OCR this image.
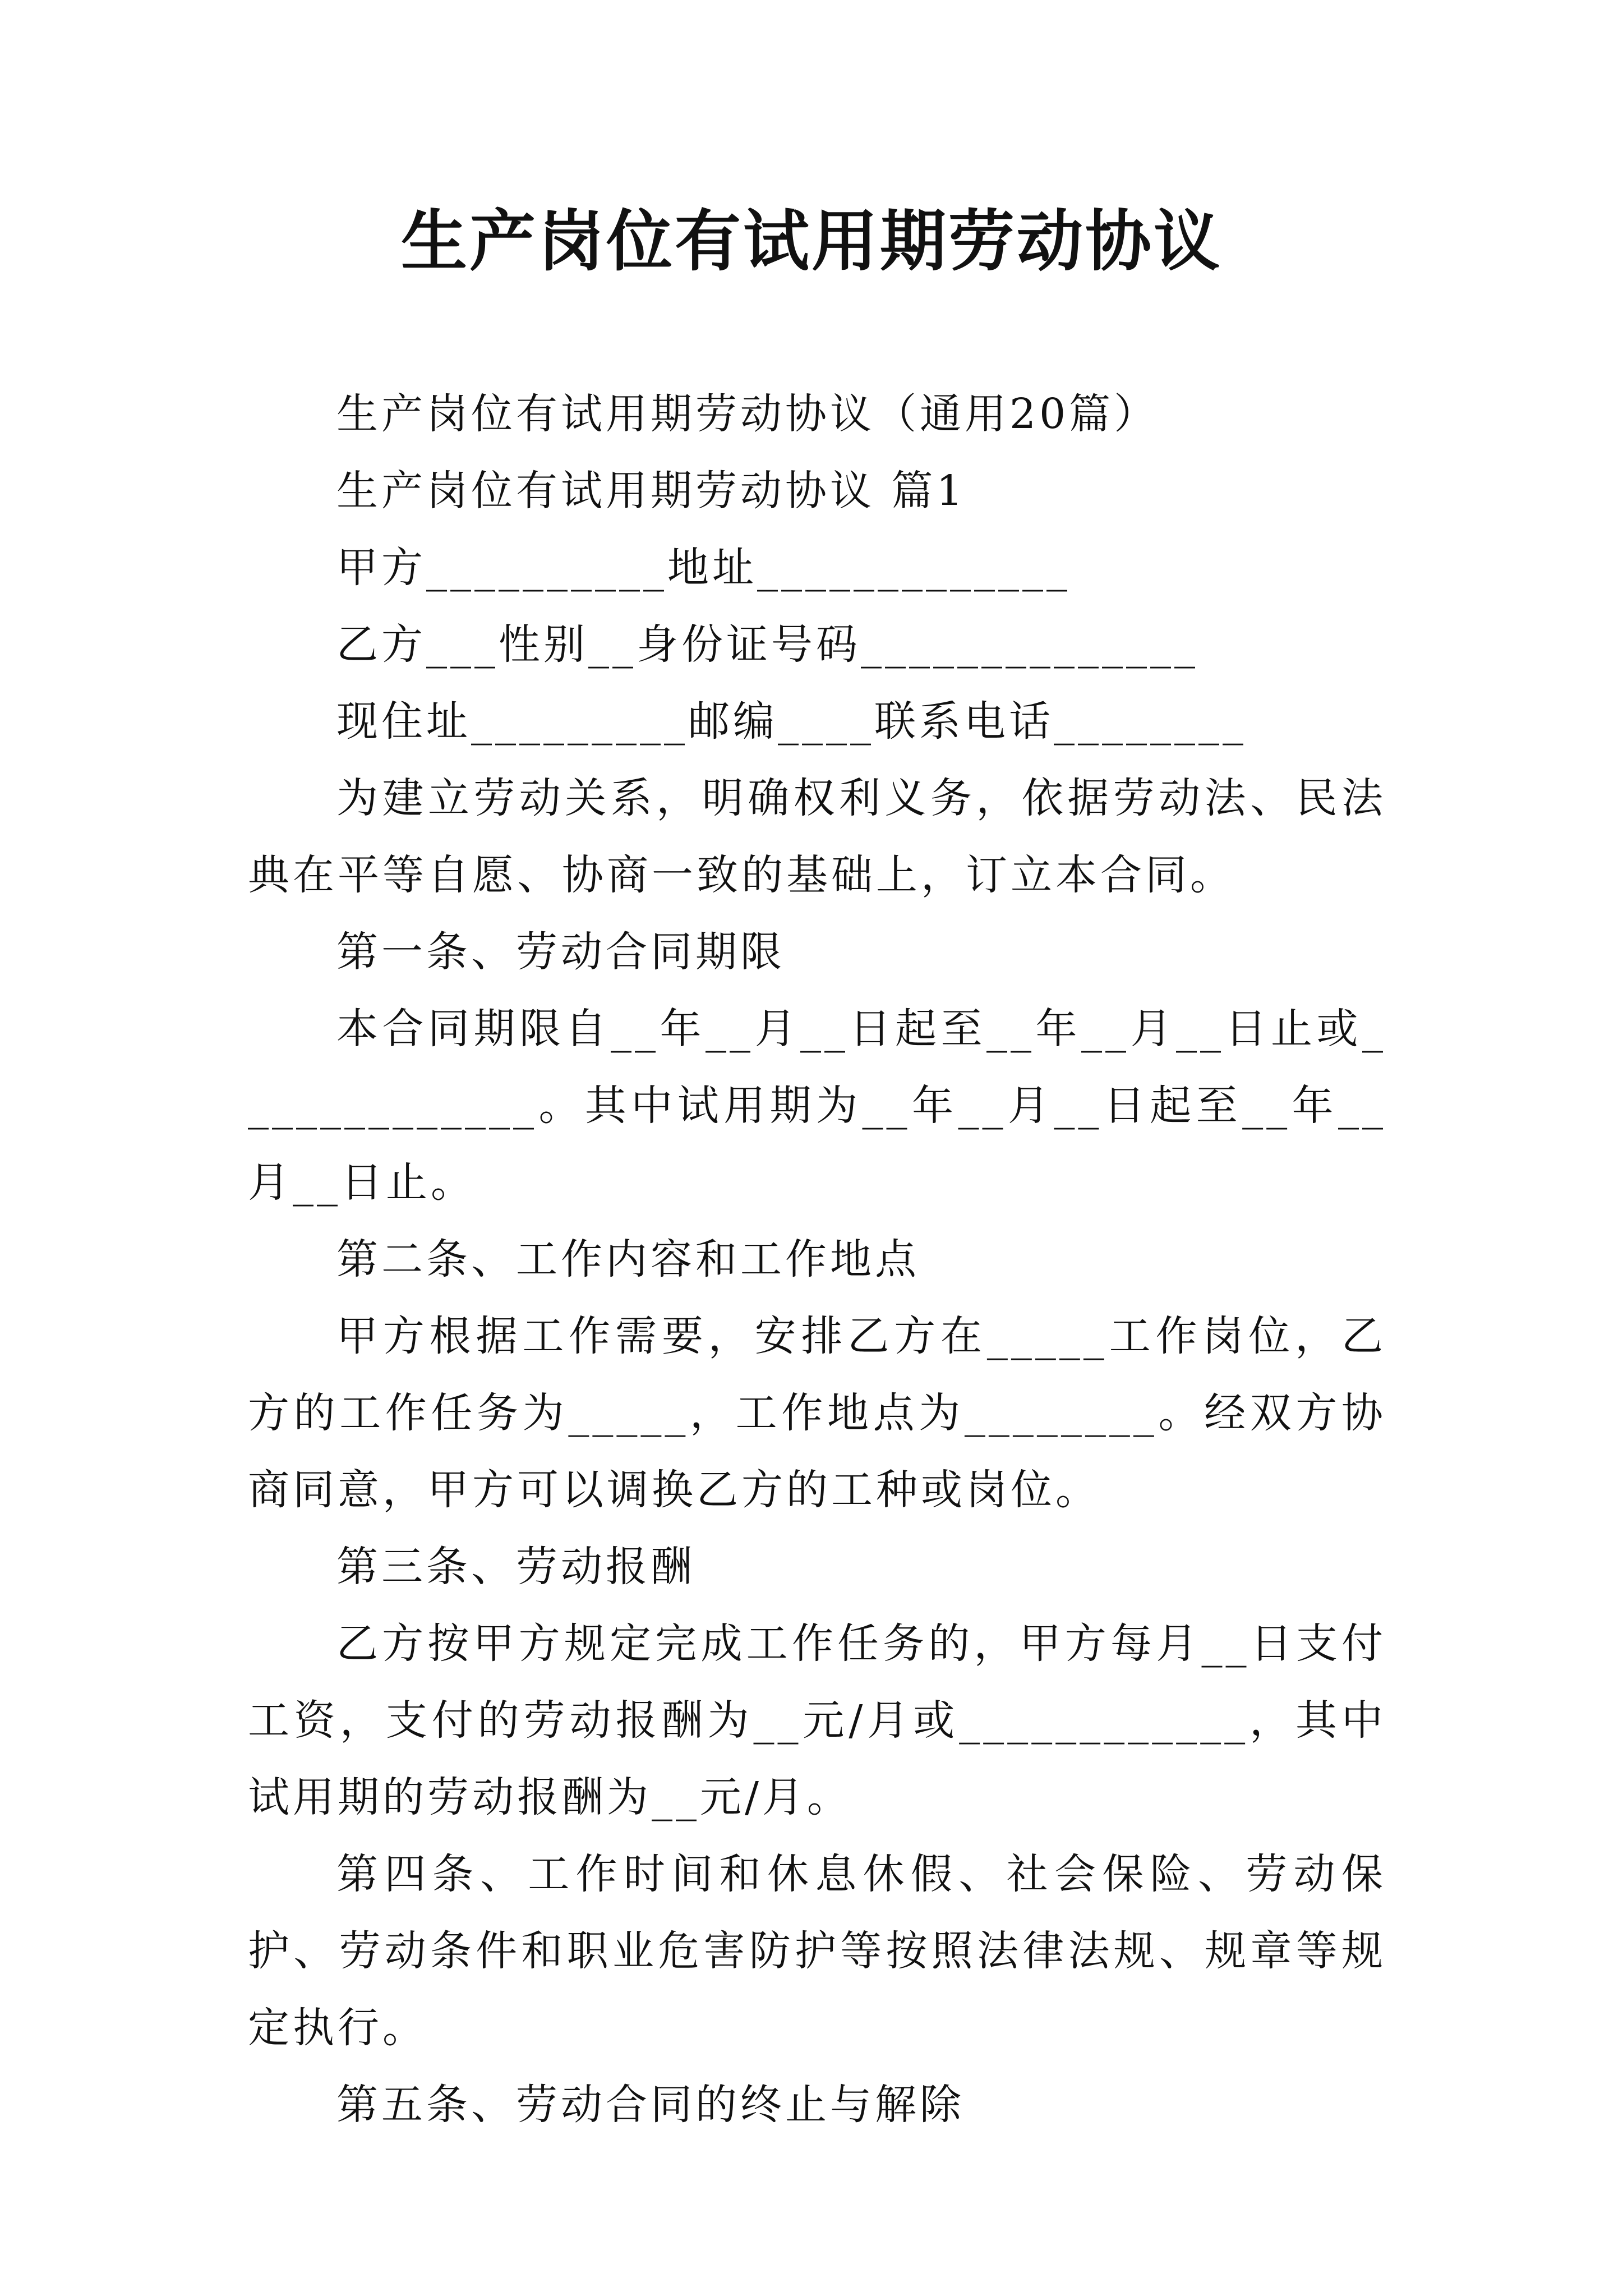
生产岗位有试用期劳动协议

生产岗位有试用期劳动协议（通用20篇）

生产岗位有试用期劳动协议 篇1

甲方__________地址_____________

乙方___性别__身份证号码______________

现住址_________邮编____联系电话________

为建立劳动关系，明确权利义务，依据劳动法、民法典在平等自愿、协商一致的基础上，订立本合同。

第一条、劳动合同期限

本合同期限自__年__月__日起至__年__月__日止或_____________。其中试用期为__年__月__日起至__年__月__日止。

第二条、工作内容和工作地点

甲方根据工作需要，安排乙方在_____工作岗位，乙方的工作任务为_____，工作地点为________。经双方协商同意，甲方可以调换乙方的工种或岗位。

第三条、劳动报酬

乙方按甲方规定完成工作任务的，甲方每月__日支付工资，支付的劳动报酬为__元/月或____________，其中试用期的劳动报酬为__元/月。

第四条、工作时间和休息休假、社会保险、劳动保护、劳动条件和职业危害防护等按照法律法规、规章等规定执行。

第五条、劳动合同的终止与解除
